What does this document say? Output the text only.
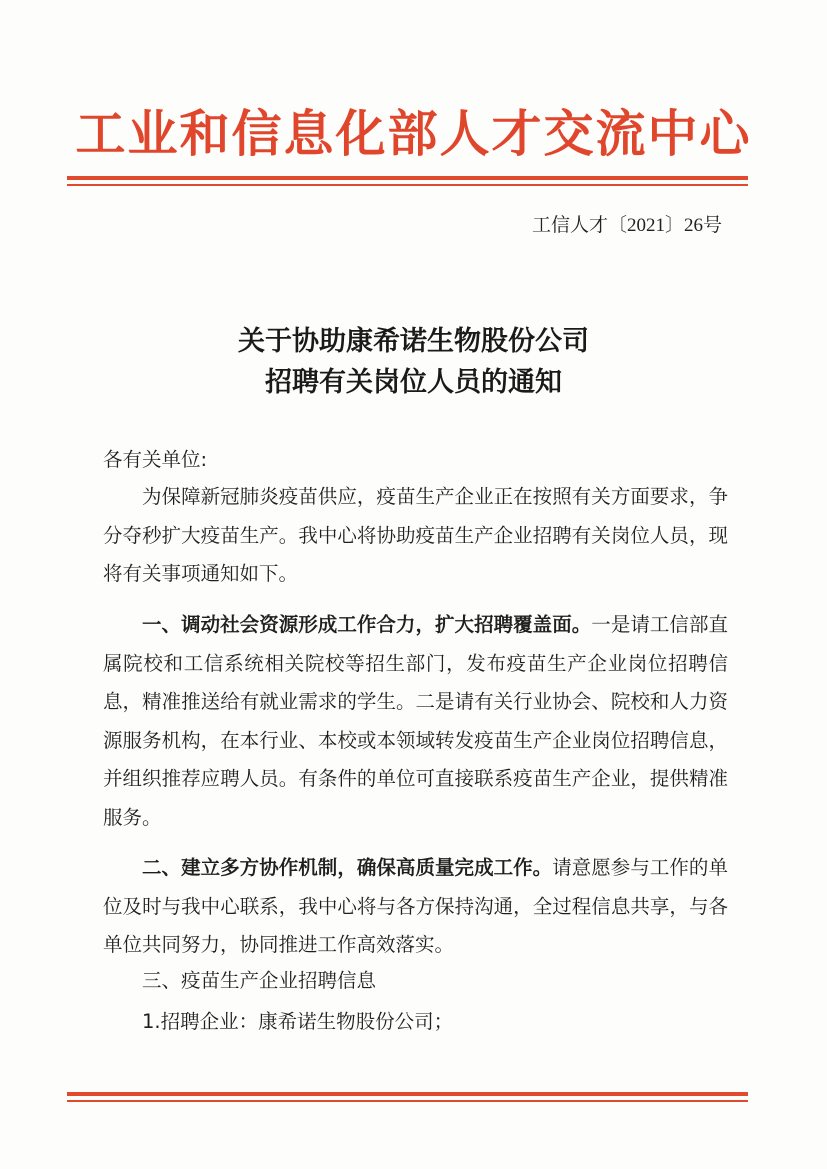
工业和信息化部人才交流中心
工信人才〔2021〕26号
关于协助康希诺生物股份公司
招聘有关岗位人员的通知
各有关单位:

为保障新冠肺炎疫苗供应，疫苗生产企业正在按照有关方面要求，争分夺秒扩大疫苗生产。我中心将协助疫苗生产企业招聘有关岗位人员，现将有关事项通知如下。

一、调动社会资源形成工作合力，扩大招聘覆盖面。一是请工信部直属院校和工信系统相关院校等招生部门，发布疫苗生产企业岗位招聘信息，精准推送给有就业需求的学生。二是请有关行业协会、院校和人力资源服务机构，在本行业、本校或本领域转发疫苗生产企业岗位招聘信息，并组织推荐应聘人员。有条件的单位可直接联系疫苗生产企业，提供精准服务。

二、建立多方协作机制，确保高质量完成工作。请意愿参与工作的单位及时与我中心联系，我中心将与各方保持沟通，全过程信息共享，与各单位共同努力，协同推进工作高效落实。

三、疫苗生产企业招聘信息

1.招聘企业：康希诺生物股份公司；
